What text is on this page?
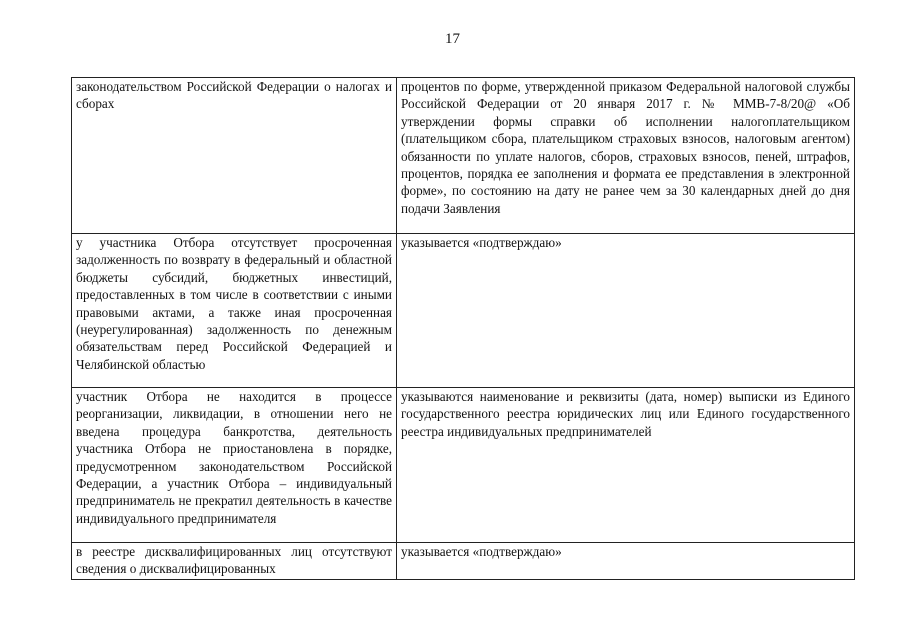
17
законодательством Российской Федерации о налогах и сборах	процентов по форме, утвержденной приказом Федеральной налоговой службы Российской Федерации от 20 января 2017 г. № ММВ-7-8/20@ «Об утверждении формы справки об исполнении налогоплательщиком (плательщиком сбора, плательщиком страховых взносов, налоговым агентом) обязанности по уплате налогов, сборов, страховых взносов, пеней, штрафов, процентов, порядка ее заполнения и формата ее представления в электронной форме», по состоянию на дату не ранее чем за 30 календарных дней до дня подачи Заявления

у участника Отбора отсутствует просроченная задолженность по возврату в федеральный и областной бюджеты субсидий, бюджетных инвестиций, предоставленных в том числе в соответствии с иными правовыми актами, а также иная просроченная (неурегулированная) задолженность по денежным обязательствам перед Российской Федерацией и Челябинской областью	указывается «подтверждаю»

участник Отбора не находится в процессе реорганизации, ликвидации, в отношении него не введена процедура банкротства, деятельность участника Отбора не приостановлена в порядке, предусмотренном законодательством Российской Федерации, а участник Отбора – индивидуальный предприниматель не прекратил деятельность в качестве индивидуального предпринимателя	указываются наименование и реквизиты (дата, номер) выписки из Единого государственного реестра юридических лиц или Единого государственного реестра индивидуальных предпринимателей

в реестре дисквалифицированных лиц отсутствуют сведения о дисквалифицированных	указывается «подтверждаю»
